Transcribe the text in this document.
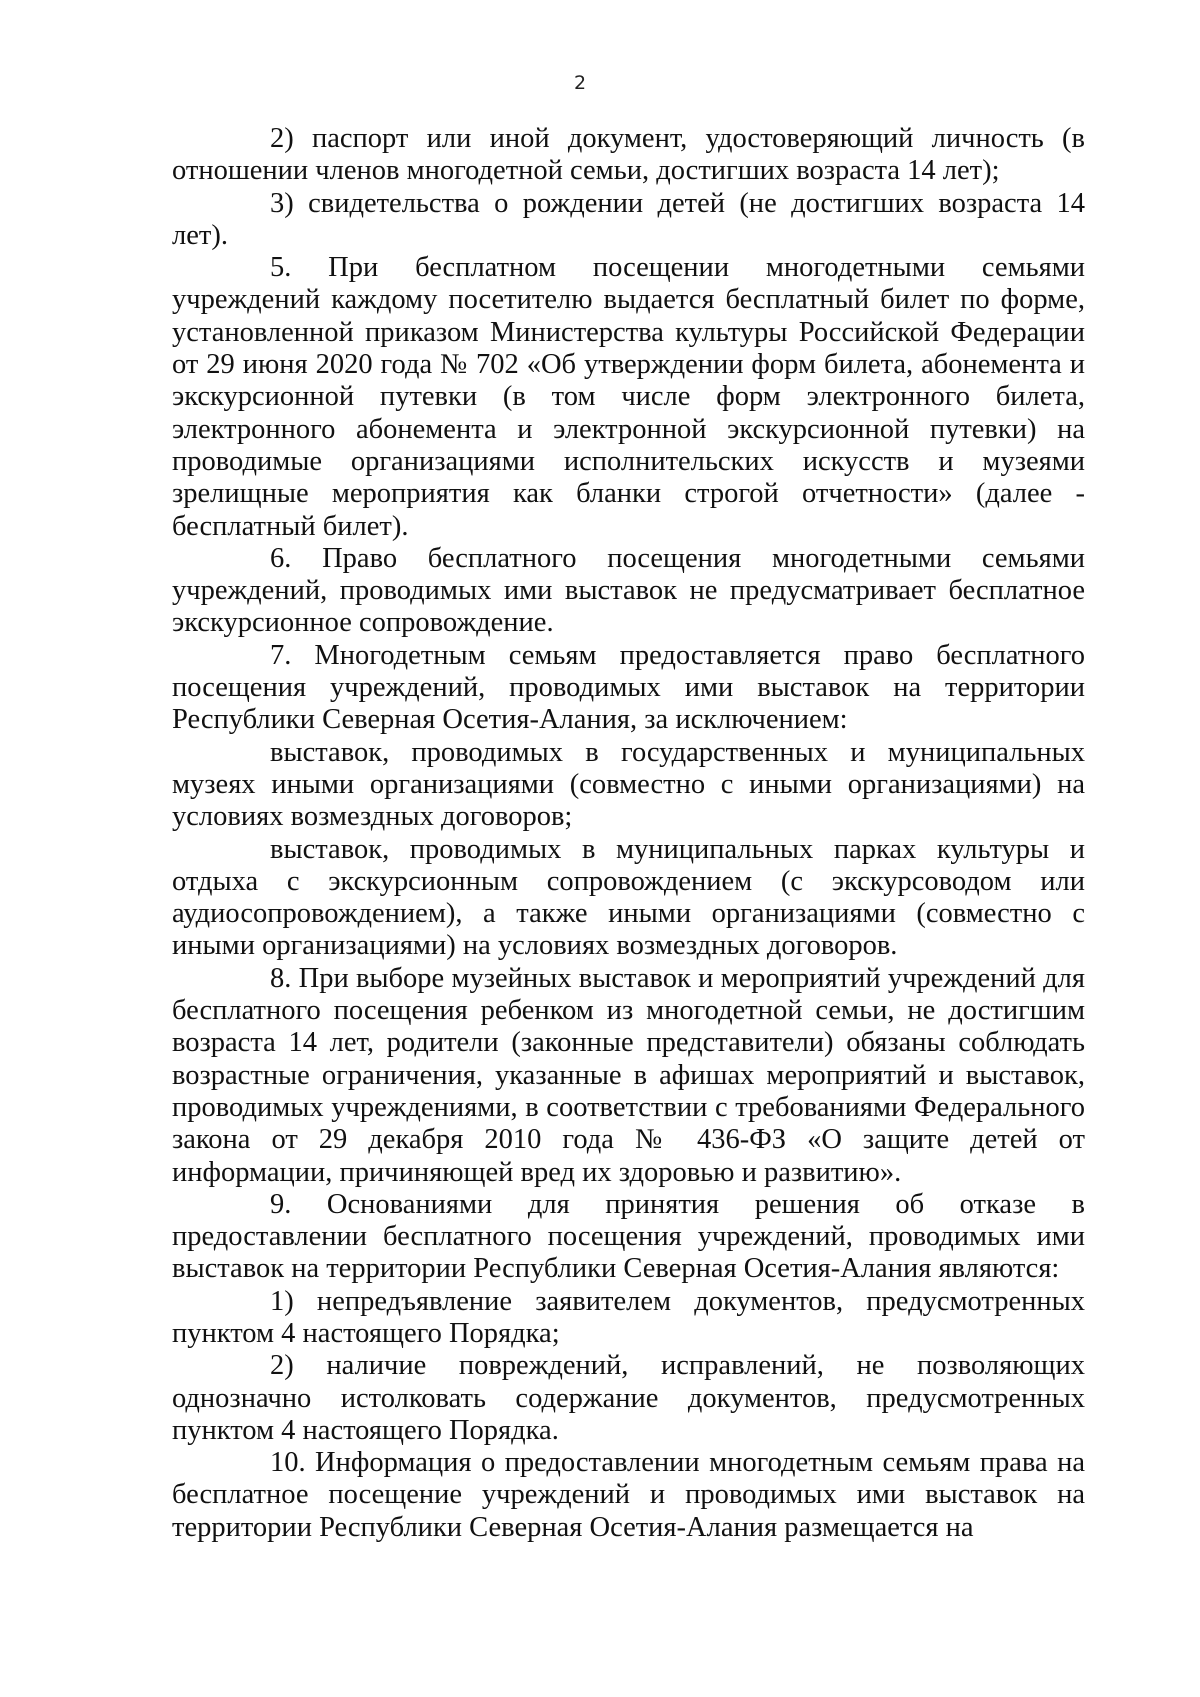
2

2) паспорт или иной документ, удостоверяющий личность (в отношении членов многодетной семьи, достигших возраста 14 лет);

3) свидетельства о рождении детей (не достигших возраста 14 лет).

5. При бесплатном посещении многодетными семьями учреждений каждому посетителю выдается бесплатный билет по форме, установленной приказом Министерства культуры Российской Федерации от 29 июня 2020 года № 702 «Об утверждении форм билета, абонемента и экскурсионной путевки (в том числе форм электронного билета, электронного абонемента и электронной экскурсионной путевки) на проводимые организациями исполнительских искусств и музеями зрелищные мероприятия как бланки строгой отчетности» (далее - бесплатный билет).

6. Право бесплатного посещения многодетными семьями учреждений, проводимых ими выставок не предусматривает бесплатное экскурсионное сопровождение.

7. Многодетным семьям предоставляется право бесплатного посещения учреждений, проводимых ими выставок на территории Республики Северная Осетия-Алания, за исключением:

выставок, проводимых в государственных и муниципальных музеях иными организациями (совместно с иными организациями) на условиях возмездных договоров;

выставок, проводимых в муниципальных парках культуры и отдыха с экскурсионным сопровождением (с экскурсоводом или аудиосопровождением), а также иными организациями (совместно с иными организациями) на условиях возмездных договоров.

8. При выборе музейных выставок и мероприятий учреждений для бесплатного посещения ребенком из многодетной семьи, не достигшим возраста 14 лет, родители (законные представители) обязаны соблюдать возрастные ограничения, указанные в афишах мероприятий и выставок, проводимых учреждениями, в соответствии с требованиями Федерального закона от 29 декабря 2010 года № 436-ФЗ «О защите детей от информации, причиняющей вред их здоровью и развитию».

9. Основаниями для принятия решения об отказе в предоставлении бесплатного посещения учреждений, проводимых ими выставок на территории Республики Северная Осетия-Алания являются:

1) непредъявление заявителем документов, предусмотренных пунктом 4 настоящего Порядка;

2) наличие повреждений, исправлений, не позволяющих однозначно истолковать содержание документов, предусмотренных пунктом 4 настоящего Порядка.

10. Информация о предоставлении многодетным семьям права на бесплатное посещение учреждений и проводимых ими выставок на территории Республики Северная Осетия-Алания размещается на
